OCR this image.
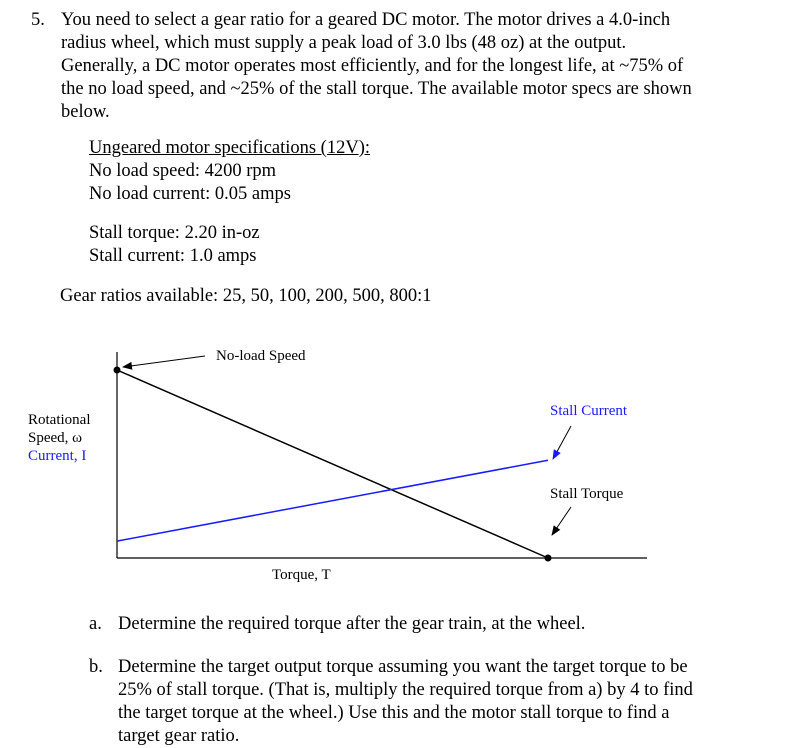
5. You need to select a gear ratio for a geared DC motor. The motor drives a 4.0-inch
radius wheel, which must supply a peak load of 3.0 lbs (48 oz) at the output.
Generally, a DC motor operates most efficiently, and for the longest life, at ~75% of
the no load speed, and ~25% of the stall torque. The available motor specs are shown
below.
Ungeared motor specifications (12V):
No load speed: 4200 rpm
No load current: 0.05 amps
Stall torque: 2.20 in-oz
Stall current: 1.0 amps
Gear ratios available: 25, 50, 100, 200, 500, 800:1
No-load Speed
Stall Current
Stall Torque
Rotational
Speed, ω
Current, I
Torque, T
a. Determine the required torque after the gear train, at the wheel.
b. Determine the target output torque assuming you want the target torque to be
25% of stall torque. (That is, multiply the required torque from a) by 4 to find
the target torque at the wheel.) Use this and the motor stall torque to find a
target gear ratio.
